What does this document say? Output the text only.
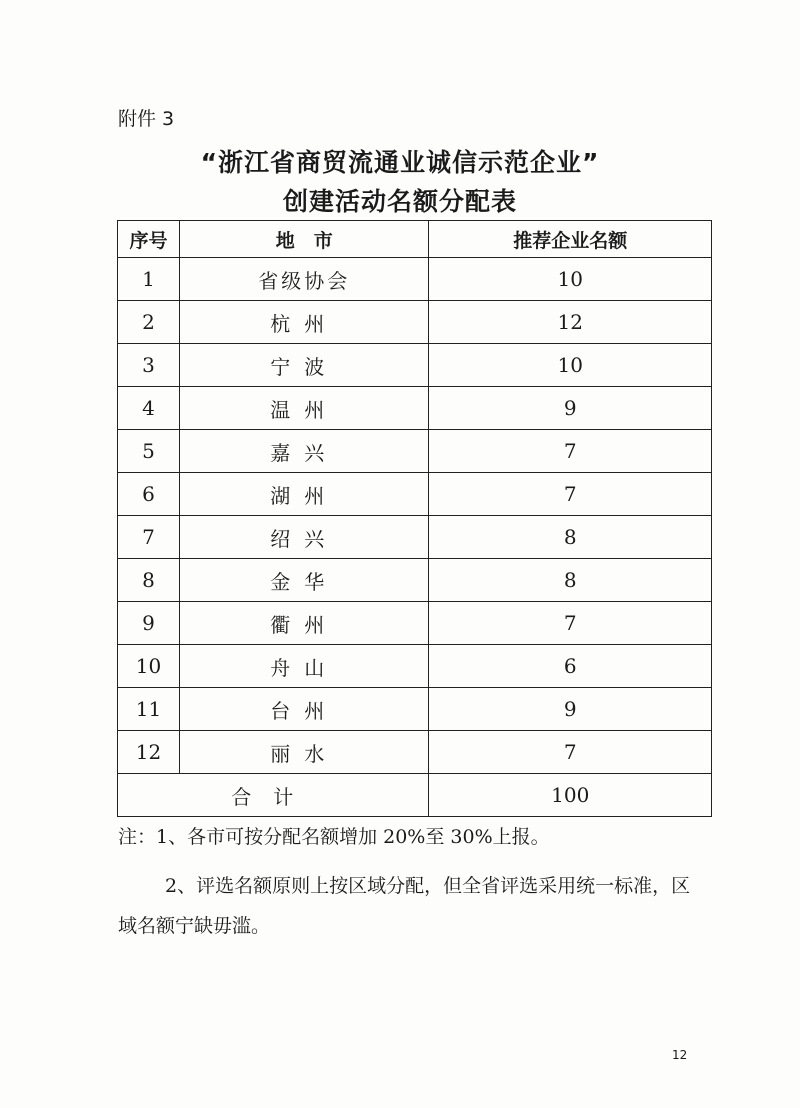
附件 3
“浙江省商贸流通业诚信示范企业”
创建活动名额分配表
序号	地　市	推荐企业名额
1	省级协会	10
2	杭州	12
3	宁波	10
4	温州	9
5	嘉兴	7
6	湖州	7
7	绍兴	8
8	金华	8
9	衢州	7
10	舟山	6
11	台州	9
12	丽水	7
合计		100
注：1、各市可按分配名额增加 20%至 30%上报。
2、评选名额原则上按区域分配，但全省评选采用统一标准，区域名额宁缺毋滥。
12
